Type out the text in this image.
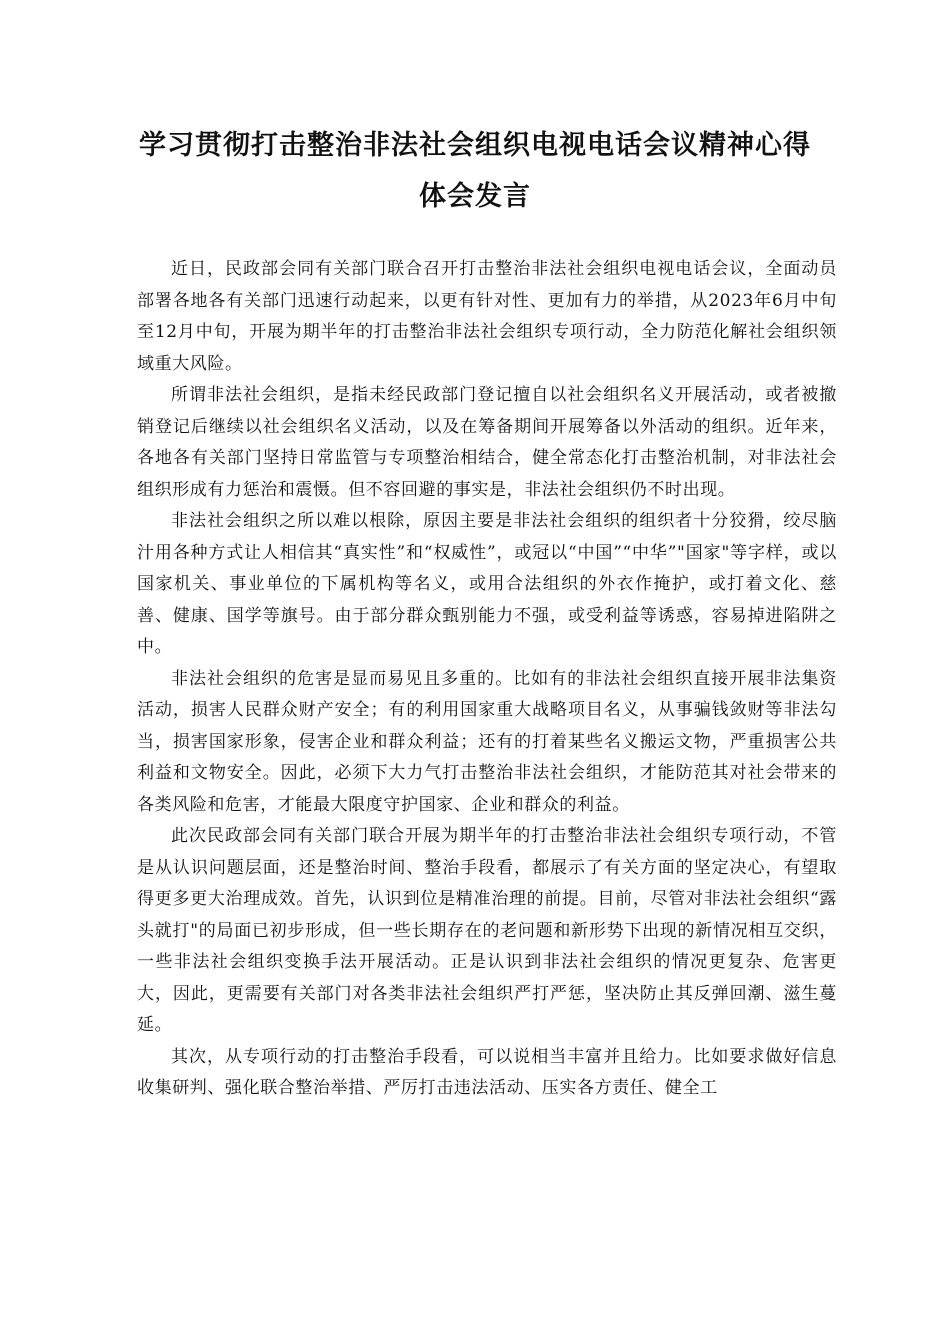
学习贯彻打击整治非法社会组织电视电话会议精神心得体会发言

近日，民政部会同有关部门联合召开打击整治非法社会组织电视电话会议，全面动员部署各地各有关部门迅速行动起来，以更有针对性、更加有力的举措，从2023年6月中旬至12月中旬，开展为期半年的打击整治非法社会组织专项行动，全力防范化解社会组织领域重大风险。

所谓非法社会组织，是指未经民政部门登记擅自以社会组织名义开展活动，或者被撤销登记后继续以社会组织名义活动，以及在筹备期间开展筹备以外活动的组织。近年来，各地各有关部门坚持日常监管与专项整治相结合，健全常态化打击整治机制，对非法社会组织形成有力惩治和震慑。但不容回避的事实是，非法社会组织仍不时出现。

非法社会组织之所以难以根除，原因主要是非法社会组织的组织者十分狡猾，绞尽脑汁用各种方式让人相信其“真实性”和“权威性”，或冠以“中国”“中华”"国家"等字样，或以国家机关、事业单位的下属机构等名义，或用合法组织的外衣作掩护，或打着文化、慈善、健康、国学等旗号。由于部分群众甄别能力不强，或受利益等诱惑，容易掉进陷阱之中。

非法社会组织的危害是显而易见且多重的。比如有的非法社会组织直接开展非法集资活动，损害人民群众财产安全；有的利用国家重大战略项目名义，从事骗钱敛财等非法勾当，损害国家形象，侵害企业和群众利益；还有的打着某些名义搬运文物，严重损害公共利益和文物安全。因此，必须下大力气打击整治非法社会组织，才能防范其对社会带来的各类风险和危害，才能最大限度守护国家、企业和群众的利益。

此次民政部会同有关部门联合开展为期半年的打击整治非法社会组织专项行动，不管是从认识问题层面，还是整治时间、整治手段看，都展示了有关方面的坚定决心，有望取得更多更大治理成效。首先，认识到位是精准治理的前提。目前，尽管对非法社会组织“露头就打"的局面已初步形成，但一些长期存在的老问题和新形势下出现的新情况相互交织，一些非法社会组织变换手法开展活动。正是认识到非法社会组织的情况更复杂、危害更大，因此，更需要有关部门对各类非法社会组织严打严惩，坚决防止其反弹回潮、滋生蔓延。

其次，从专项行动的打击整治手段看，可以说相当丰富并且给力。比如要求做好信息收集研判、强化联合整治举措、严厉打击违法活动、压实各方责任、健全工
